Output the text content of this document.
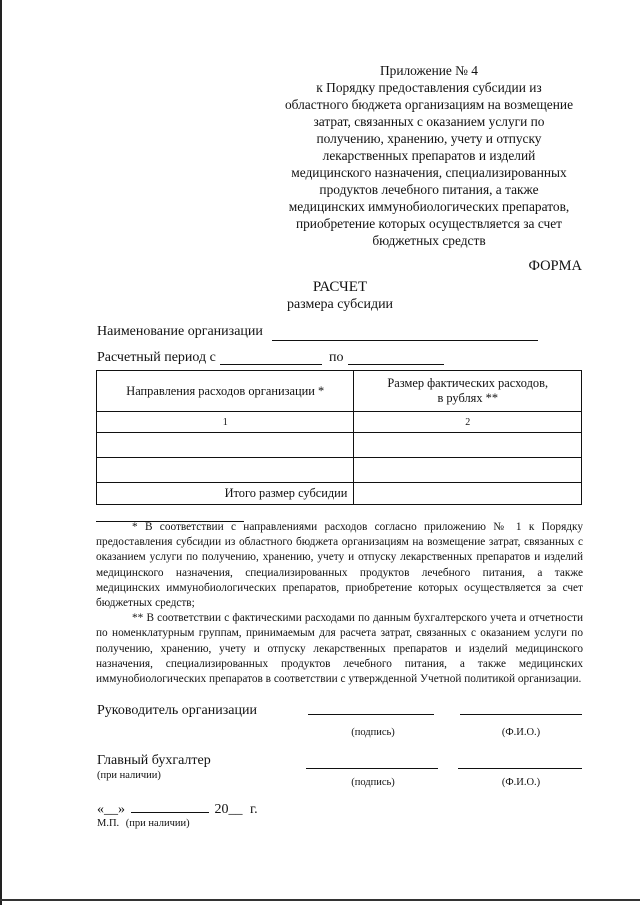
Приложение № 4
к Порядку предоставления субсидии из
областного бюджета организациям на возмещение
затрат, связанных с оказанием услуги по
получению, хранению, учету и отпуску
лекарственных препаратов и изделий
медицинского назначения, специализированных
продуктов лечебного питания, а также
медицинских иммунобиологических препаратов,
приобретение которых осуществляется за счет
бюджетных средств
ФОРМА
РАСЧЕТ
размера субсидии
Наименование организации
Расчетный период с	по
Направления расходов организации *	Размер фактических расходов,
в рублях **

1	2

Итого размер субсидии	

* В соответствии с направлениями расходов согласно приложению № 1 к Порядку предоставления субсидии из областного бюджета организациям на возмещение затрат, связанных с оказанием услуги по получению, хранению, учету и отпуску лекарственных препаратов и изделий медицинского назначения, специализированных продуктов лечебного питания, а также медицинских иммунобиологических препаратов, приобретение которых осуществляется за счет бюджетных средств;

** В соответствии с фактическими расходами по данным бухгалтерского учета и отчетности по номенклатурным группам, принимаемым для расчета затрат, связанных с оказанием услуги по получению, хранению, учету и отпуску лекарственных препаратов и изделий медицинского назначения, специализированных продуктов лечебного питания, а также медицинских иммунобиологических препаратов в соответствии с утвержденной Учетной политикой организации.

Руководитель организации
(подпись)	(Ф.И.О.)
Главный бухгалтер
(при наличии)
(подпись)	(Ф.И.О.)
«__»	20__ г.
М.П. (при наличии)
